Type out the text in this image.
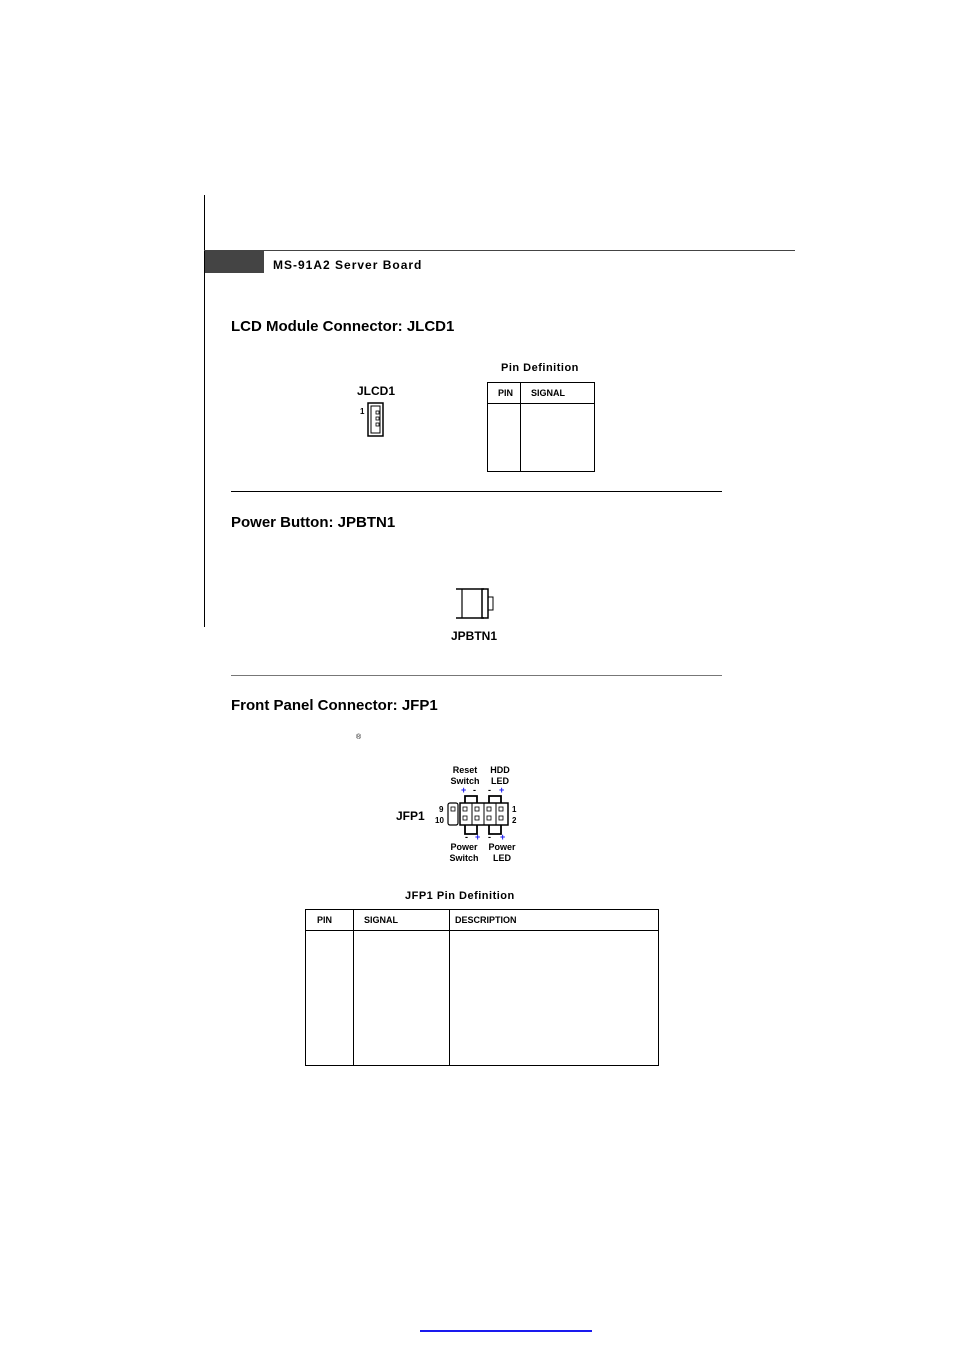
MS-91A2 Server Board
LCD Module Connector: JLCD1
Pin Definition
PIN	SIGNAL

JLCD1
1
Power Button: JPBTN1
JPBTN1
Front Panel Connector: JFP1
®
Reset
Switch
HDD
LED
Power
Switch
Power
LED
JFP1 9
10
1
2
+ - - +
- + - +
JFP1 Pin Definition
PIN	SIGNAL	DESCRIPTION
